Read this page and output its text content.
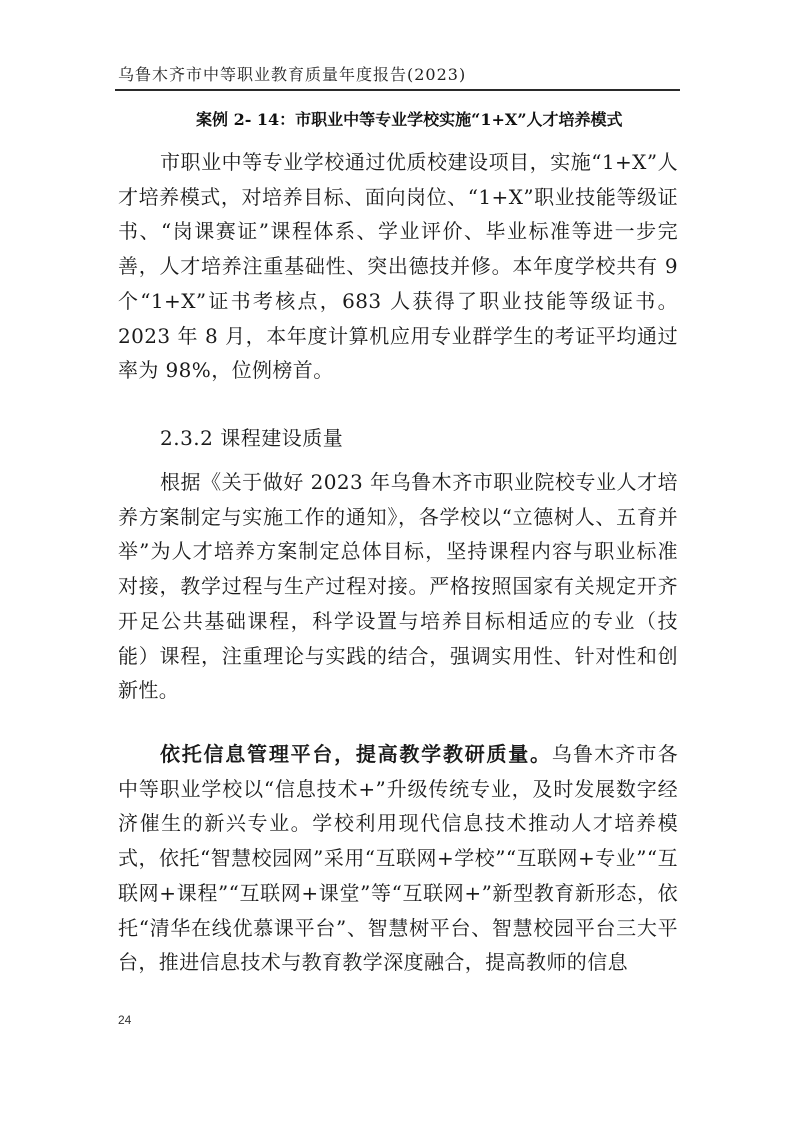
乌鲁木齐市中等职业教育质量年度报告(2023)
案例 2- 14：市职业中等专业学校实施“1+X”人才培养模式

市职业中等专业学校通过优质校建设项目，实施“1+X”人才培养模式，对培养目标、面向岗位、“1+X”职业技能等级证书、“岗课赛证”课程体系、学业评价、毕业标准等进一步完善，人才培养注重基础性、突出德技并修。本年度学校共有 9 个“1+X”证书考核点，683 人获得了职业技能等级证书。2023 年 8 月，本年度计算机应用专业群学生的考证平均通过率为 98%，位例榜首。

2.3.2 课程建设质量

根据《关于做好 2023 年乌鲁木齐市职业院校专业人才培养方案制定与实施工作的通知》，各学校以“立德树人、五育并举”为人才培养方案制定总体目标，坚持课程内容与职业标准对接，教学过程与生产过程对接。严格按照国家有关规定开齐开足公共基础课程，科学设置与培养目标相适应的专业（技能）课程，注重理论与实践的结合，强调实用性、针对性和创新性。

依托信息管理平台，提高教学教研质量。乌鲁木齐市各中等职业学校以“信息技术+”升级传统专业，及时发展数字经济催生的新兴专业。学校利用现代信息技术推动人才培养模式，依托“智慧校园网”采用“互联网+学校”“互联网+专业”“互联网+课程”“互联网+课堂”等“互联网+”新型教育新形态，依托“清华在线优慕课平台”、智慧树平台、智慧校园平台三大平台，推进信息技术与教育教学深度融合，提高教师的信息

24
